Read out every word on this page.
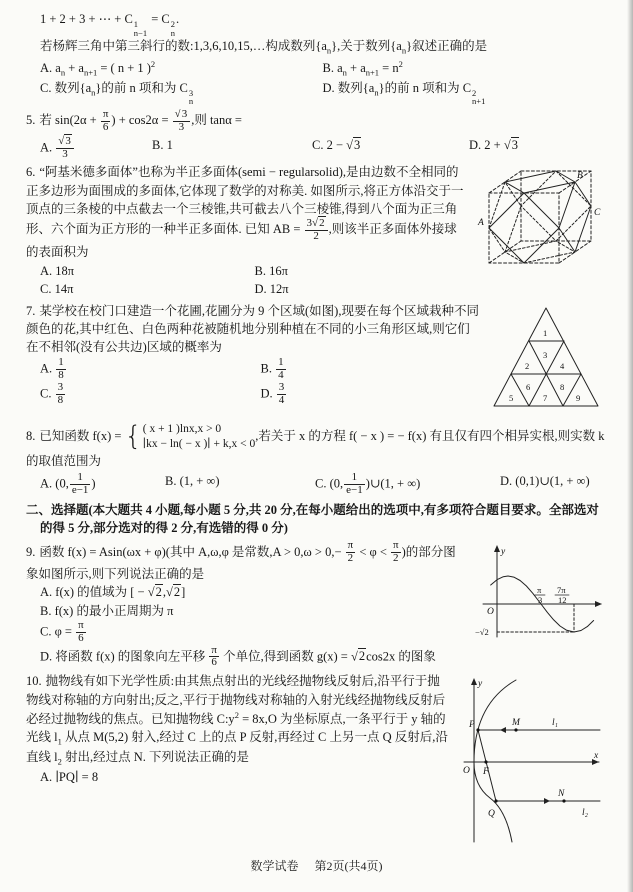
1 + 2 + 3 + ⋯ + C 1
n−1
= C 2
n
.
若杨辉三角中第三斜行的数:1,3,6,10,15,…构成数列$\{a_n\}$,关于数列$\{a_n\}$叙述正确的是
A. $a_n + a_{n+1}$ = ( n + 1 )$^2$	B. $a_n + a_{n+1} = n^2$
C. 数列$\{a_n\}$的前 n 项和为 C 3
n
D. 数列$\{a_n\}$的前 n 项和为 C 2
n+1
5. 若 $\sin(2\alpha + \frac{\pi}{6}$ ) + $\cos 2\alpha = \frac{√3}{3}$ ,则 tanα =
A. $\frac{√3}{3}$	B. 1	C. 2 − √3	D. 2 + √3
A
B
C
6. “阿基米德多面体”也称为半正多面体(semi − regularsolid),是由边数不全相同的正多边形为面围成的多面体,它体现了数学的对称美. 如图所示,将正方体沿交于一顶点的三条棱的中点截去一个三棱锥,共可截去八个三棱锥,得到八个面为正三角形、六个面为正方形的一种半正多面体. 已知 AB = $\frac{3√2}{2}$ ,则该半正多面体外接球的表面积为
A. 18π	B. 16π
C. 14π	D. 12π
1
2
3
4
5
6
7
8
9
7. 某学校在校门口建造一个花圃,花圃分为 9 个区域(如图),现要在每个区域栽种不同颜色的花,其中红色、白色两种花被随机地分别种植在不同的小三角形区域,则它们在不相邻(没有公共边)区域的概率为
A. $\frac{1}{8}$	B. $\frac{1}{4}$
C. $\frac{3}{8}$	D. $\frac{3}{4}$
8. 已知函数 f(x) = { ( x + 1 )lnx,x > 0
∣kx − ln( − x )∣ + k,x < 0
,若关于 x 的方程 f( − x ) = − f(x) 有且仅有四个相异实根,则实数 k 的取值范围为
A. (0, $\frac{1}{e-1}$ )	B. (1, + ∞)	C. (0, $\frac{1}{e-1}$ )∪(1, + ∞)	D. (0,1)∪(1, + ∞)
二、选择题(本大题共 4 小题,每小题 5 分,共 20 分,在每小题给出的选项中,有多项符合题目要求。全部选对的得 5 分,部分选对的得 2 分,有选错的得 0 分)
y
O
π
3
7π
12
−√2
9. 函数 f(x) = Asin(ωx + φ)(其中 A,ω,φ 是常数$,A > 0,\omega > 0,- \frac{\pi}{2} < \varphi < \frac{\pi}{2}$ )的部分图象如图所示,则下列说法正确的是
A. f(x) 的值域为 [ − √2,√2]
B. f(x) 的最小正周期为 π
C. $\varphi = \frac{\pi}{6}$
D. 将函数 f(x) 的图象向左平移 $\frac{\pi}{6}$ 个单位,得到函数 g(x) = √2cos2x 的图象
y
x
O
P	M	l₁
F
N
l₂
Q
10. 抛物线有如下光学性质:由其焦点射出的光线经抛物线反射后,沿平行于抛物线对称轴的方向射出;反之,平行于抛物线对称轴的入射光线经抛物线反射后必经过抛物线的焦点。已知抛物线 $C:y^2 = 8x,O$ 为坐标原点,一条平行于 y 轴的光线 $l_1$ 从点 M(5,2) 射入,经过 C 上的点 P 反射,再经过 C 上另一点 Q 反射后,沿直线 $l_2$ 射出,经过点 N. 下列说法正确的是
A. ∣PQ∣ = 8
数学试卷 第2页(共4页)
